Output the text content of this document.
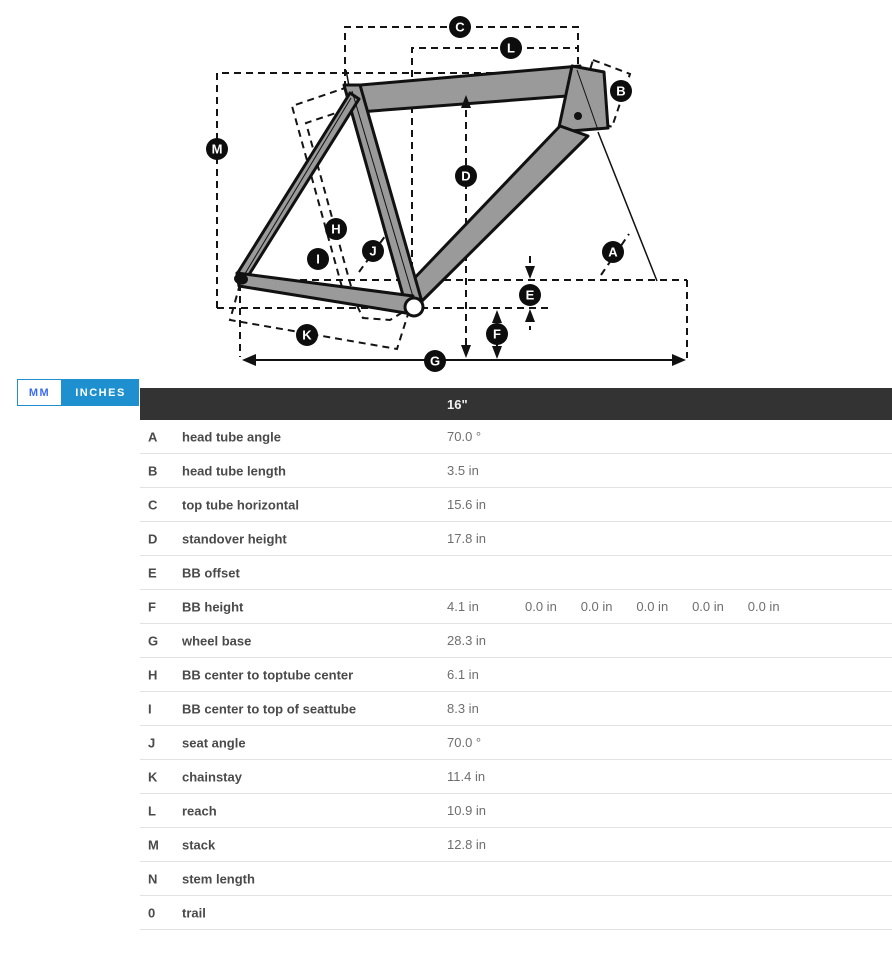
C
L
B
M
D
H
J	A
I
E
F
K
G
MM	INCHES
16"
A head tube angle	70.0 °
B head tube length	3.5 in
C top tube horizontal	15.6 in
D standover height	17.8 in
E BB offset
F BB height	4.1 in	0.0 in	0.0 in	0.0 in	0.0 in	0.0 in
G wheel base	28.3 in
H BB center to toptube center	6.1 in
I BB center to top of seattube	8.3 in
J seat angle	70.0 °
K chainstay	11.4 in
L reach	10.9 in
M stack	12.8 in
N stem length
0 trail
